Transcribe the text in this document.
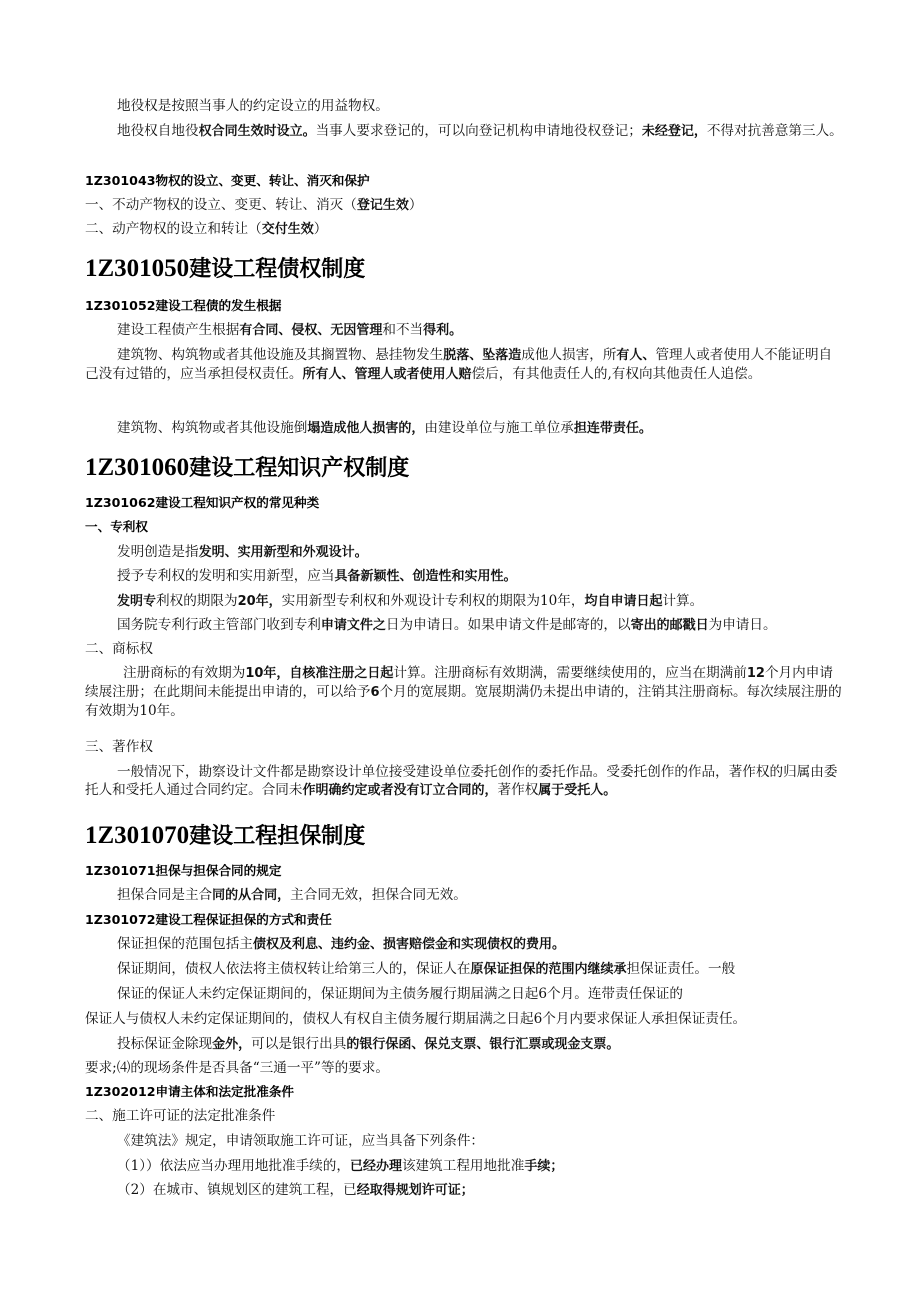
地役权是按照当事人的约定设立的用益物权。

地役权自地役权合同生效时设立。当事人要求登记的，可以向登记机构申请地役权登记；未经登记，不得对抗善意第三人。

1Z301043物权的设立、变更、转让、消灭和保护

一、不动产物权的设立、变更、转让、消灭（登记生效）

二、动产物权的设立和转让（交付生效）

1Z301050建设工程债权制度

1Z301052建设工程债的发生根据

建设工程债产生根据有合同、侵权、无因管理和不当得利。

建筑物、构筑物或者其他设施及其搁置物、悬挂物发生脱落、坠落造成他人损害，所有人、管理人或者使用人不能证明自己没有过错的，应当承担侵权责任。所有人、管理人或者使用人赔偿后，有其他责任人的,有权向其他责任人追偿。

建筑物、构筑物或者其他设施倒塌造成他人损害的，由建设单位与施工单位承担连带责任。

1Z301060建设工程知识产权制度

1Z301062建设工程知识产权的常见种类

一、专利权

发明创造是指发明、实用新型和外观设计。

授予专利权的发明和实用新型，应当具备新颖性、创造性和实用性。

发明专利权的期限为20年，实用新型专利权和外观设计专利权的期限为10年，均自申请日起计算。

国务院专利行政主管部门收到专利申请文件之日为申请日。如果申请文件是邮寄的，以寄出的邮戳日为申请日。

二、商标权

注册商标的有效期为10年，自核准注册之日起计算。注册商标有效期满，需要继续使用的，应当在期满前12个月内申请续展注册；在此期间未能提出申请的，可以给予6个月的宽展期。宽展期满仍未提出申请的，注销其注册商标。每次续展注册的有效期为10年。

三、著作权

一般情况下，勘察设计文件都是勘察设计单位接受建设单位委托创作的委托作品。受委托创作的作品，著作权的归属由委托人和受托人通过合同约定。合同未作明确约定或者没有订立合同的，著作权属于受托人。

1Z301070建设工程担保制度

1Z301071担保与担保合同的规定

担保合同是主合同的从合同，主合同无效，担保合同无效。

1Z301072建设工程保证担保的方式和责任

保证担保的范围包括主债权及利息、违约金、损害赔偿金和实现债权的费用。

保证期间，债权人依法将主债权转让给第三人的，保证人在原保证担保的范围内继续承担保证责任。一般

保证的保证人未约定保证期间的，保证期间为主债务履行期届满之日起6个月。连带责任保证的

保证人与债权人未约定保证期间的，债权人有权自主债务履行期届满之日起6个月内要求保证人承担保证责任。

投标保证金除现金外，可以是银行出具的银行保函、保兑支票、银行汇票或现金支票。

要求;⑷的现场条件是否具备“三通一平”等的要求。

1Z302012申请主体和法定批准条件

二、施工许可证的法定批准条件

《建筑法》规定，申请领取施工许可证，应当具备下列条件：

（1））依法应当办理用地批准手续的，已经办理该建筑工程用地批准手续；

（2）在城市、镇规划区的建筑工程，已经取得规划许可证；
